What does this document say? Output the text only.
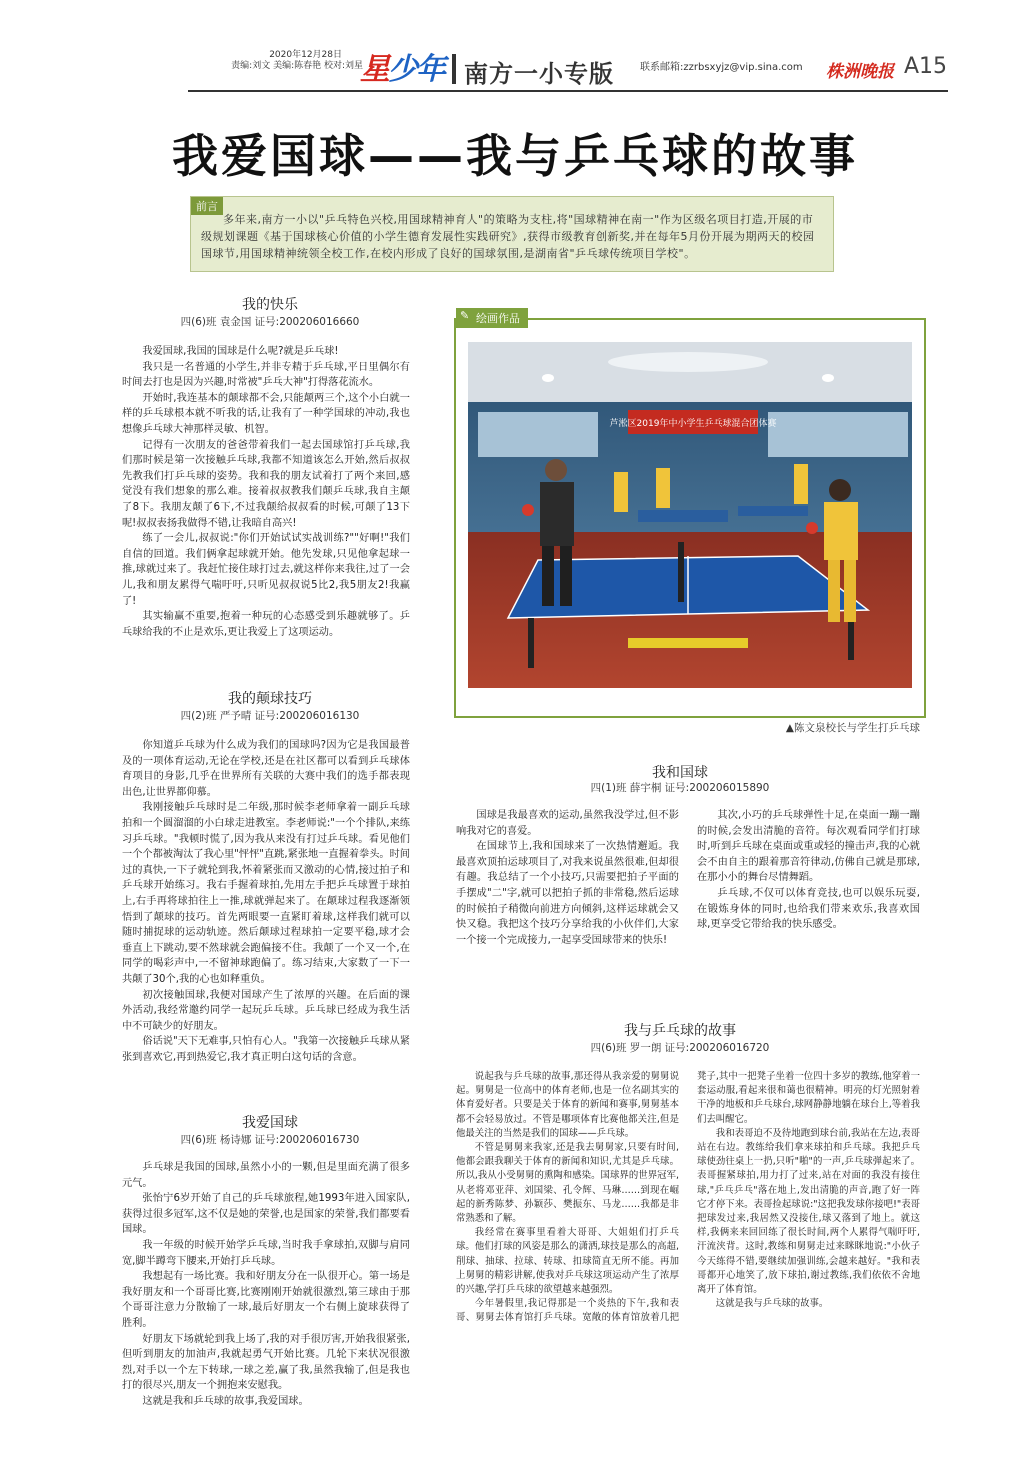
2020年12月28日
责编:刘文 美编:陈春艳 校对:刘星
星少年 南方一小专版	联系邮箱:zzrbsxyjz@vip.sina.com 株洲晚报 A15
我爱国球——我与乒乓球的故事
前言
多年来,南方一小以"乒乓特色兴校,用国球精神育人"的策略为支柱,将"国球精神在南一"作为区级名项目打造,开展的市级规划课题《基于国球核心价值的小学生德育发展性实践研究》,获得市级教育创新奖,并在每年5月份开展为期两天的校园国球节,用国球精神统领全校工作,在校内形成了良好的国球氛围,是湖南省"乒乓球传统项目学校"。
我的快乐
四(6)班 袁金国 证号:200206016660

我爱国球,我国的国球是什么呢?就是乒乓球!

我只是一名普通的小学生,并非专精于乒乓球,平日里偶尔有时间去打也是因为兴趣,时常被"乒乓大神"打得落花流水。

开始时,我连基本的颠球都不会,只能颠两三个,这个小白就一样的乒乓球根本就不听我的话,让我有了一种学国球的冲动,我也想像乒乓球大神那样灵敏、机智。

记得有一次朋友的爸爸带着我们一起去国球馆打乒乓球,我们那时候是第一次接触乒乓球,我都不知道该怎么开始,然后叔叔先教我们打乒乓球的姿势。我和我的朋友试着打了两个来回,感觉没有我们想象的那么难。接着叔叔教我们颠乒乓球,我自主颠了8下。我朋友颠了6下,不过我颠给叔叔看的时候,可颠了13下呢!叔叔表扬我做得不错,让我暗自高兴!

练了一会儿,叔叔说:"你们开始试试实战训练?""好啊!"我们自信的回道。我们俩拿起球就开始。他先发球,只见他拿起球一推,球就过来了。我赶忙接住球打过去,就这样你来我往,过了一会儿,我和朋友累得气喘吁吁,只听见叔叔说5比2,我5朋友2!我赢了!

其实输赢不重要,抱着一种玩的心态感受到乐趣就够了。乒乓球给我的不止是欢乐,更让我爱上了这项运动。

我的颠球技巧
四(2)班 严予晴 证号:200206016130

你知道乒乓球为什么成为我们的国球吗?因为它是我国最普及的一项体育运动,无论在学校,还是在社区都可以看到乒乓球体育项目的身影,几乎在世界所有关联的大赛中我们的选手都表现出色,让世界都仰慕。

我刚接触乒乓球时是二年级,那时候李老师拿着一副乒乓球拍和一个圆溜溜的小白球走进教室。李老师说:"一个个排队,来练习乒乓球。"我顿时慌了,因为我从来没有打过乒乓球。看见他们一个个都被淘汰了我心里"怦怦"直跳,紧张地一直握着拳头。时间过的真快,一下子就轮到我,怀着紧张而又激动的心情,接过拍子和乒乓球开始练习。我右手握着球拍,先用左手把乒乓球置于球拍上,右手再将球拍往上一推,球就弹起来了。在颠球过程我逐渐领悟到了颠球的技巧。首先两眼要一直紧盯着球,这样我们就可以随时捕捉球的运动轨迹。然后颠球过程球拍一定要平稳,球才会垂直上下跳动,要不然球就会跑偏接不住。我颠了一个又一个,在同学的喝彩声中,一不留神球跑偏了。练习结束,大家数了一下一共颠了30个,我的心也如释重负。

初次接触国球,我便对国球产生了浓厚的兴趣。在后面的课外活动,我经常邀约同学一起玩乒乓球。乒乓球已经成为我生活中不可缺少的好朋友。

俗话说"天下无难事,只怕有心人。"我第一次接触乒乓球从紧张到喜欢它,再到热爱它,我才真正明白这句话的含意。

我爱国球
四(6)班 杨诗娜 证号:200206016730

乒乓球是我国的国球,虽然小小的一颗,但是里面充满了很多元气。

张怡宁6岁开始了自己的乒乓球旅程,她1993年进入国家队,获得过很多冠军,这不仅是她的荣誉,也是国家的荣誉,我们都要看国球。

我一年级的时候开始学乒乓球,当时我手拿球拍,双脚与肩同宽,脚半蹲弯下腰来,开始打乒乓球。

我想起有一场比赛。我和好朋友分在一队很开心。第一场是我好朋友和一个哥哥比赛,比赛刚刚开始就很激烈,第三球由于那个哥哥注意力分散输了一球,最后好朋友一个右侧上旋球获得了胜利。

好朋友下场就轮到我上场了,我的对手很厉害,开始我很紧张,但听到朋友的加油声,我就起勇气开始比赛。几轮下来状况很激烈,对手以一个左下转球,一球之差,赢了我,虽然我输了,但是我也打的很尽兴,朋友一个拥抱来安慰我。

这就是我和乒乓球的故事,我爱国球。

芦淞区2019年中小学生乒乓球混合团体赛
绘画作品
✎
▲陈文泉校长与学生打乒乓球
我和国球
四(1)班 薛宇桐 证号:200206015890

国球是我最喜欢的运动,虽然我没学过,但不影响我对它的喜爱。

在国球节上,我和国球来了一次热情邂逅。我最喜欢顶拍运球项目了,对我来说虽然很难,但却很有趣。我总结了一个小技巧,只需要把拍子平面的手摆成"二"字,就可以把拍子抓的非常稳,然后运球的时候拍子稍微向前进方向倾斜,这样运球就会又快又稳。我把这个技巧分享给我的小伙伴们,大家一个接一个完成接力,一起享受国球带来的快乐!

其次,小巧的乒乓球弹性十足,在桌面一蹦一蹦的时候,会发出清脆的音符。每次观看同学们打球时,听到乒乓球在桌面或重或轻的撞击声,我的心就会不由自主的跟着那音符律动,仿佛自己就是那球,在那小小的舞台尽情舞蹈。

乒乓球,不仅可以体育竞技,也可以娱乐玩耍,在锻炼身体的同时,也给我们带来欢乐,我喜欢国球,更享受它带给我的快乐感受。

我与乒乓球的故事
四(6)班 罗一朗 证号:200206016720

说起我与乒乓球的故事,那还得从我亲爱的舅舅说起。舅舅是一位高中的体育老师,也是一位名副其实的体育爱好者。只要是关于体育的新闻和赛事,舅舅基本都不会轻易放过。不管是哪项体育比赛他都关注,但是他最关注的当然是我们的国球——乒乓球。

不管是舅舅来我家,还是我去舅舅家,只要有时间,他都会跟我聊关于体育的新闻和知识,尤其是乒乓球。所以,我从小受舅舅的熏陶和感染。国球界的世界冠军,从老将邓亚萍、刘国梁、孔令辉、马琳……到现在崛起的新秀陈梦、孙颖莎、樊振东、马龙……我都是非常熟悉和了解。

我经常在赛事里看着大哥哥、大姐姐们打乒乓球。他们打球的风姿是那么的潇洒,球技是那么的高超,削球、抽球、拉球、转球、扣球简直无所不能。再加上舅舅的精彩讲解,使我对乒乓球这项运动产生了浓厚的兴趣,学打乒乓球的欲望越来越强烈。

今年暑假里,我记得那是一个炎热的下午,我和表哥、舅舅去体育馆打乒乓球。宽敞的体育馆放着几把凳子,其中一把凳子坐着一位四十多岁的教练,他穿着一套运动服,看起来很和蔼也很精神。明亮的灯光照射着干净的地板和乒乓球台,球网静静地躺在球台上,等着我们去叫醒它。

我和表哥迫不及待地跑到球台前,我站在左边,表哥站在右边。教练给我们拿来球拍和乒乓球。我把乒乓球使劲往桌上一扔,只听"啪"的一声,乒乓球弹起来了。表哥握紧球拍,用力打了过来,站在对面的我没有接住球,"乒乓乒乓"落在地上,发出清脆的声音,跑了好一阵它才停下来。表哥捡起球说:"这把我发球你接吧!"表哥把球发过来,我居然又没接住,球又落到了地上。就这样,我俩来来回回练了很长时间,两个人累得气喘吁吁,汗流浃背。这时,教练和舅舅走过来眯眯地说:"小伙子今天练得不错,要继续加强训练,会越来越好。"我和表哥都开心地笑了,放下球拍,谢过教练,我们依依不舍地离开了体育馆。

这就是我与乒乓球的故事。
